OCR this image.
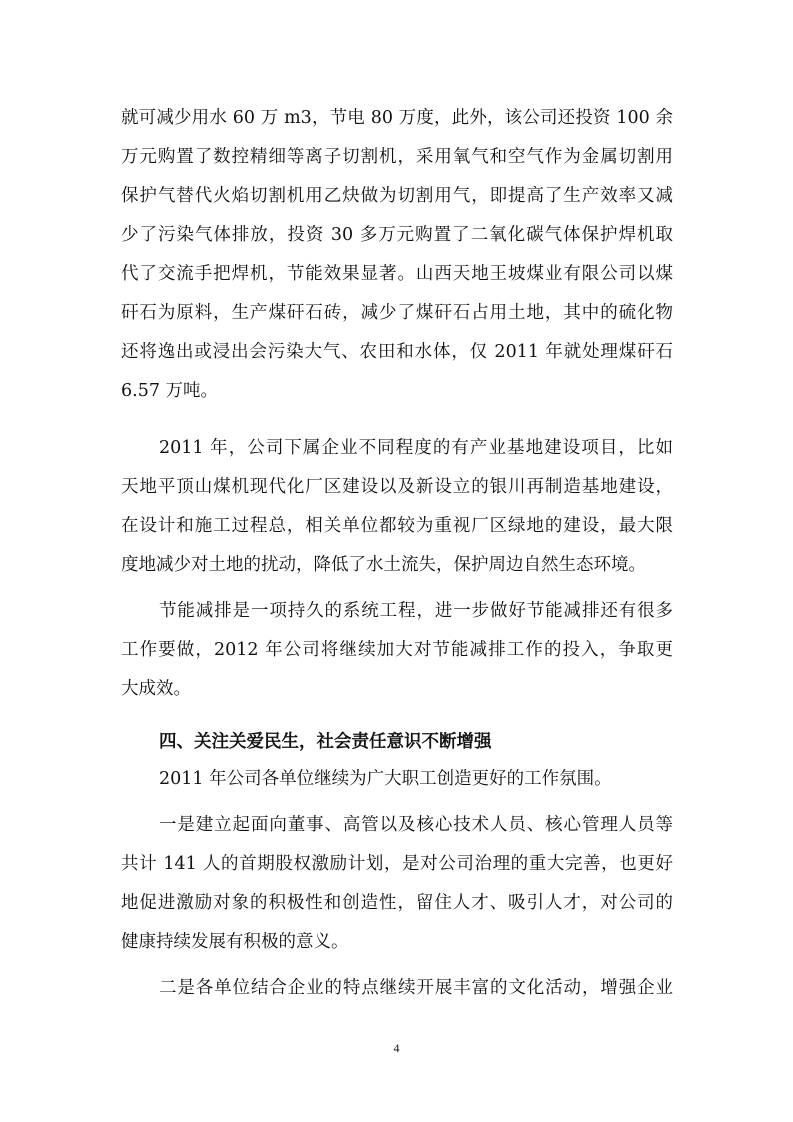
就可减少用水 60 万 m3，节电 80 万度，此外，该公司还投资 100 余
万元购置了数控精细等离子切割机，采用氧气和空气作为金属切割用
保护气替代火焰切割机用乙炔做为切割用气，即提高了生产效率又减
少了污染气体排放，投资 30 多万元购置了二氧化碳气体保护焊机取
代了交流手把焊机，节能效果显著。山西天地王坡煤业有限公司以煤
矸石为原料，生产煤矸石砖，减少了煤矸石占用土地，其中的硫化物
还将逸出或浸出会污染大气、农田和水体，仅 2011 年就处理煤矸石
6.57 万吨。
2011 年，公司下属企业不同程度的有产业基地建设项目，比如
天地平顶山煤机现代化厂区建设以及新设立的银川再制造基地建设，
在设计和施工过程总，相关单位都较为重视厂区绿地的建设，最大限
度地减少对土地的扰动，降低了水土流失，保护周边自然生态环境。
节能减排是一项持久的系统工程，进一步做好节能减排还有很多
工作要做，2012 年公司将继续加大对节能减排工作的投入，争取更
大成效。
四、关注关爱民生，社会责任意识不断增强
2011 年公司各单位继续为广大职工创造更好的工作氛围。
一是建立起面向董事、高管以及核心技术人员、核心管理人员等
共计 141 人的首期股权激励计划，是对公司治理的重大完善，也更好
地促进激励对象的积极性和创造性，留住人才、吸引人才，对公司的
健康持续发展有积极的意义。
二是各单位结合企业的特点继续开展丰富的文化活动，增强企业
4
